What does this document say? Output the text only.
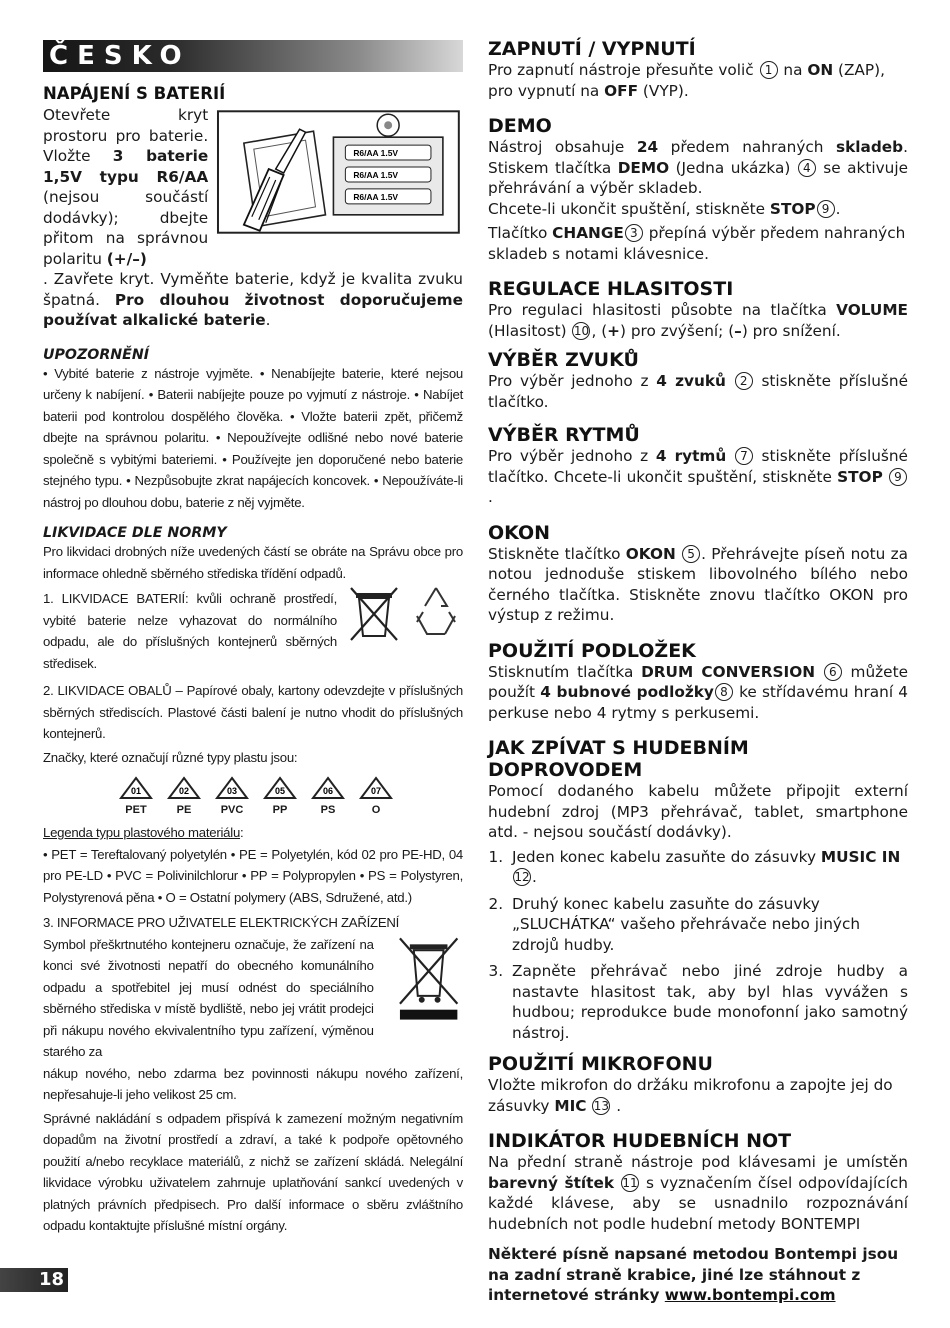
ČESKO
NAPÁJENÍ S BATERIÍ

Otevřete kryt prostoru pro baterie. Vložte 3 baterie 1,5V typu R6/AA (nejsou součástí dodávky); dbejte přitom na správnou polaritu (+/–)

R6/AA 1.5V
R6/AA 1.5V
R6/AA 1.5V

. Zavřete kryt. Vyměňte baterie, když je kvalita zvuku špatná. Pro dlouhou životnost doporučujeme používat alkalické baterie.

UPOZORNĚNÍ

• Vybité baterie z nástroje vyjměte. • Nenabíjejte baterie, které nejsou určeny k nabíjení. • Baterii nabíjejte pouze po vyjmutí z nástroje. • Nabíjet baterii pod kontrolou dospělého člověka. • Vložte baterii zpět, přičemž dbejte na správnou polaritu. • Nepoužívejte odlišné nebo nové baterie společně s vybitými bateriemi. • Používejte jen doporučené nebo baterie stejného typu. • Nezpůsobujte zkrat napájecích koncovek. • Nepoužíváte-li nástroj po dlouhou dobu, baterie z něj vyjměte.

LIKVIDACE DLE NORMY

Pro likvidaci drobných níže uvedených částí se obráte na Správu obce pro informace ohledně sběrného střediska třídění odpadů.

1. LIKVIDACE BATERIÍ: kvůli ochraně prostředí, vybité baterie nelze vyhazovat do normálního odpadu, ale do příslušných kontejnerů sběrných středisek.

2. LIKVIDACE OBALŮ – Papírové obaly, kartony odevzdejte v příslušných sběrných střediscích. Plastové části balení je nutno vhodit do příslušných kontejnerů.

Značky, které označují různé typy plastu jsou:

01
PET
02
PE
03
PVC
05
PP
06
PS
07
O

Legenda typu plastového materiálu:

• PET = Tereftalovaný polyetylén • PE = Polyetylén, kód 02 pro PE-HD, 04 pro PE-LD • PVC = Polivinilchlorur • PP = Polypropylen • PS = Polystyren, Polystyrenová pěna • O = Ostatní polymery (ABS, Sdružené, atd.)

3. INFORMACE PRO UŽIVATELE ELEKTRICKÝCH ZAŘÍZENÍ

Symbol přeškrtnutého kontejneru označuje, že zařízení na konci své životnosti nepatří do obecného komunálního odpadu a spotřebitel jej musí odnést do speciálního sběrného střediska v místě bydliště, nebo jej vrátit prodejci při nákupu nového ekvivalentního typu zařízení, výměnou starého za

nákup nového, nebo zdarma bez povinnosti nákupu nového zařízení, nepřesahuje-li jeho velikost 25 cm.

Správné nakládání s odpadem přispívá k zamezení možným negativním dopadům na životní prostředí a zdraví, a také k podpoře opětovného použití a/nebo recyklace materiálů, z nichž se zařízení skládá. Nelegální likvidace výrobku uživatelem zahrnuje uplatňování sankcí uvedených v platných právních předpisech. Pro další informace o sběru zvláštního odpadu kontaktujte příslušné místní orgány.

ZAPNUTÍ / VYPNUTÍ

Pro zapnutí nástroje přesuňte volič 1 na ON (ZAP), pro vypnutí na OFF (VYP).

DEMO

Nástroj obsahuje 24 předem nahraných skladeb. Stiskem tlačítka DEMO (Jedna ukázka) 4 se aktivuje přehrávání a výběr skladeb.

Chcete-li ukončit spuštění, stiskněte STOP 9 .

Tlačítko CHANGE 3 přepíná výběr předem nahraných skladeb s notami klávesnice.

REGULACE HLASITOSTI

Pro regulaci hlasitosti působte na tlačítka VOLUME (Hlasitost) 10 , (+) pro zvýšení; (–) pro snížení.

VÝBĚR ZVUKŮ

Pro výběr jednoho z 4 zvuků 2 stiskněte příslušné tlačítko.

VÝBĚR RYTMŮ

Pro výběr jednoho z 4 rytmů 7 stiskněte příslušné tlačítko. Chcete-li ukončit spuštění, stiskněte STOP 9.

OKON

Stiskněte tlačítko OKON 5 . Přehrávejte píseň notu za notou jednoduše stiskem libovolného bílého nebo černého tlačítka. Stiskněte znovu tlačítko OKON pro výstup z režimu.

POUŽITÍ PODLOŽEK

Stisknutím tlačítka DRUM CONVERSION 6 můžete použít 4 bubnové podložky 8 ke střídavému hraní 4 perkuse nebo 4 rytmy s perkusemi.

JAK ZPÍVAT S HUDEBNÍM DOPROVODEM

Pomocí dodaného kabelu můžete připojit externí hudební zdroj (MP3 přehrávač, tablet, smartphone atd. - nejsou součástí dodávky).

1. Jeden konec kabelu zasuňte do zásuvky MUSIC IN 12 .
2. Druhý konec kabelu zasuňte do zásuvky „SLUCHÁTKA“ vašeho přehrávače nebo jiných zdrojů hudby.
3. Zapněte přehrávač nebo jiné zdroje hudby a nastavte hlasitost tak, aby byl hlas vyvážen s hudbou; reprodukce bude monofonní jako samotný nástroj.
POUŽITÍ MIKROFONU

Vložte mikrofon do držáku mikrofonu a zapojte jej do zásuvky MIC 13 .

INDIKÁTOR HUDEBNÍCH NOT

Na přední straně nástroje pod klávesami je umístěn barevný štítek 11 s vyznačením čísel odpovídajících každé klávese, aby se usnadnilo rozpoznávání hudebních not podle hudební metody BONTEMPI

Některé písně napsané metodou Bontempi jsou na zadní straně krabice, jiné lze stáhnout z internetové stránky www.bontempi.com

18
